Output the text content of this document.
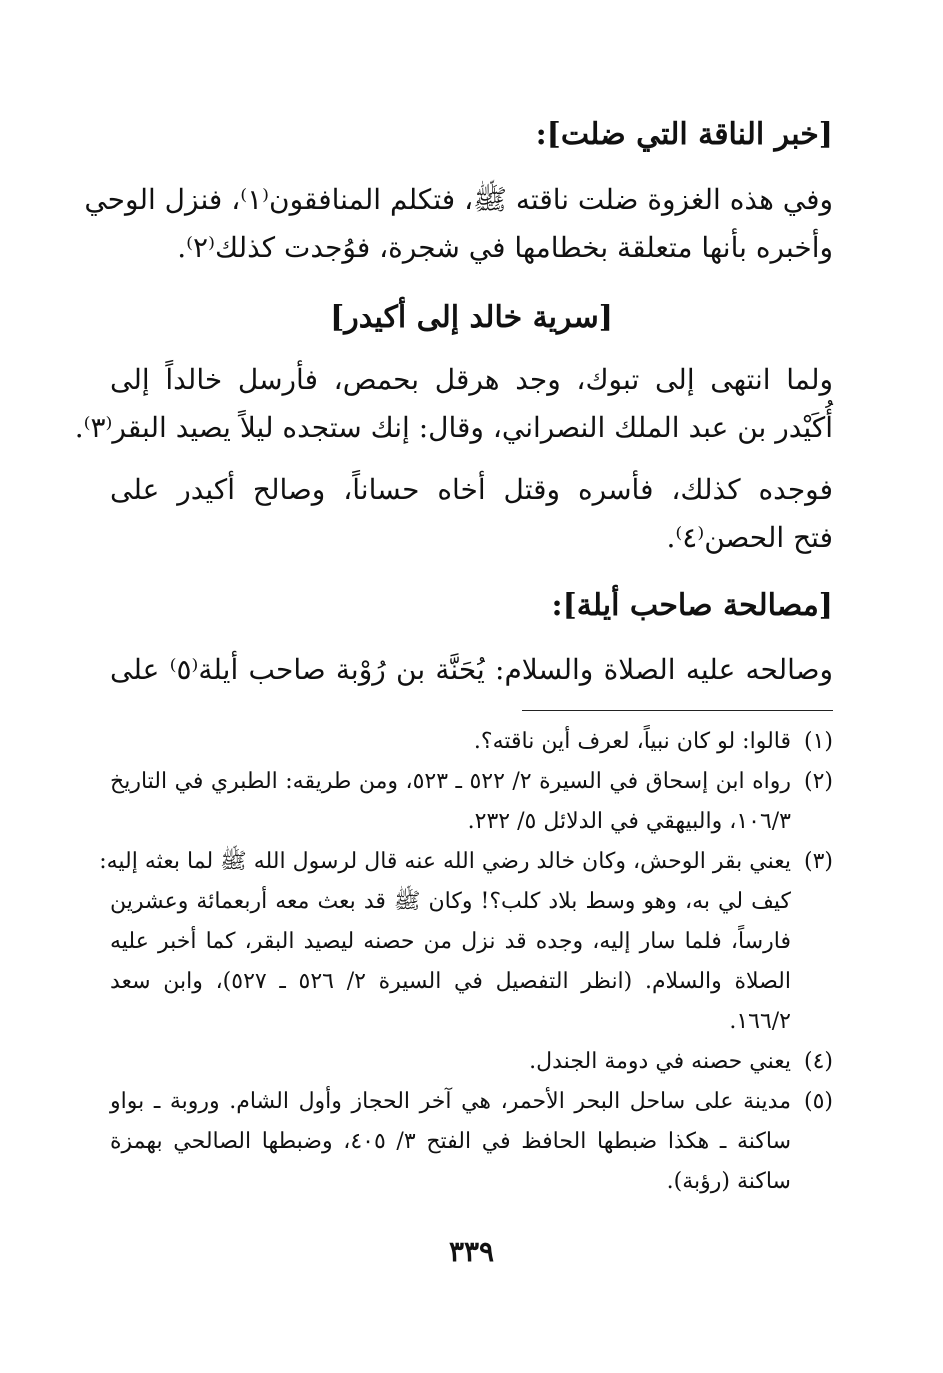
[خبر الناقة التي ضلت]:
وفي هذه الغزوة ضلت ناقته ﷺ، فتكلم المنافقون⁽١⁾، فنزل الوحي
وأخبره بأنها متعلقة بخطامها في شجرة، فوُجدت كذلك⁽٢⁾.
[سرية خالد إلى أكيدر]
ولما انتهى إلى تبوك، وجد هرقل بحمص، فأرسل خالداً إلى
أُكَيْدر بن عبد الملك النصراني، وقال: إنك ستجده ليلاً يصيد البقر⁽٣⁾.
فوجده كذلك، فأسره وقتل أخاه حساناً، وصالح أكيدر على
فتح الحصن⁽٤⁾.
[مصالحة صاحب أيلة]:
وصالحه عليه الصلاة والسلام: يُحَنَّة بن رُوْبة صاحب أيلة⁽٥⁾ على
(١)
قالوا: لو كان نبياً، لعرف أين ناقته؟.
(٢)
رواه ابن إسحاق في السيرة ٢/ ٥٢٢ ـ ٥٢٣، ومن طريقه: الطبري في التاريخ
١٠٦/٣، والبيهقي في الدلائل ٥/ ٢٣٢.
(٣)
يعني بقر الوحش، وكان خالد رضي الله عنه قال لرسول الله ﷺ لما بعثه إليه:
كيف لي به، وهو وسط بلاد كلب؟! وكان ﷺ قد بعث معه أربعمائة وعشرين
فارساً، فلما سار إليه، وجده قد نزل من حصنه ليصيد البقر، كما أخبر عليه
الصلاة والسلام. (انظر التفصيل في السيرة ٢/ ٥٢٦ ـ ٥٢٧)، وابن سعد
١٦٦/٢.
(٤)
يعني حصنه في دومة الجندل.
(٥)
مدينة على ساحل البحر الأحمر، هي آخر الحجاز وأول الشام. وروبة ـ بواو
ساكنة ـ هكذا ضبطها الحافظ في الفتح ٣/ ٤٠٥، وضبطها الصالحي بهمزة
ساكنة (رؤبة).
٣٣٩
